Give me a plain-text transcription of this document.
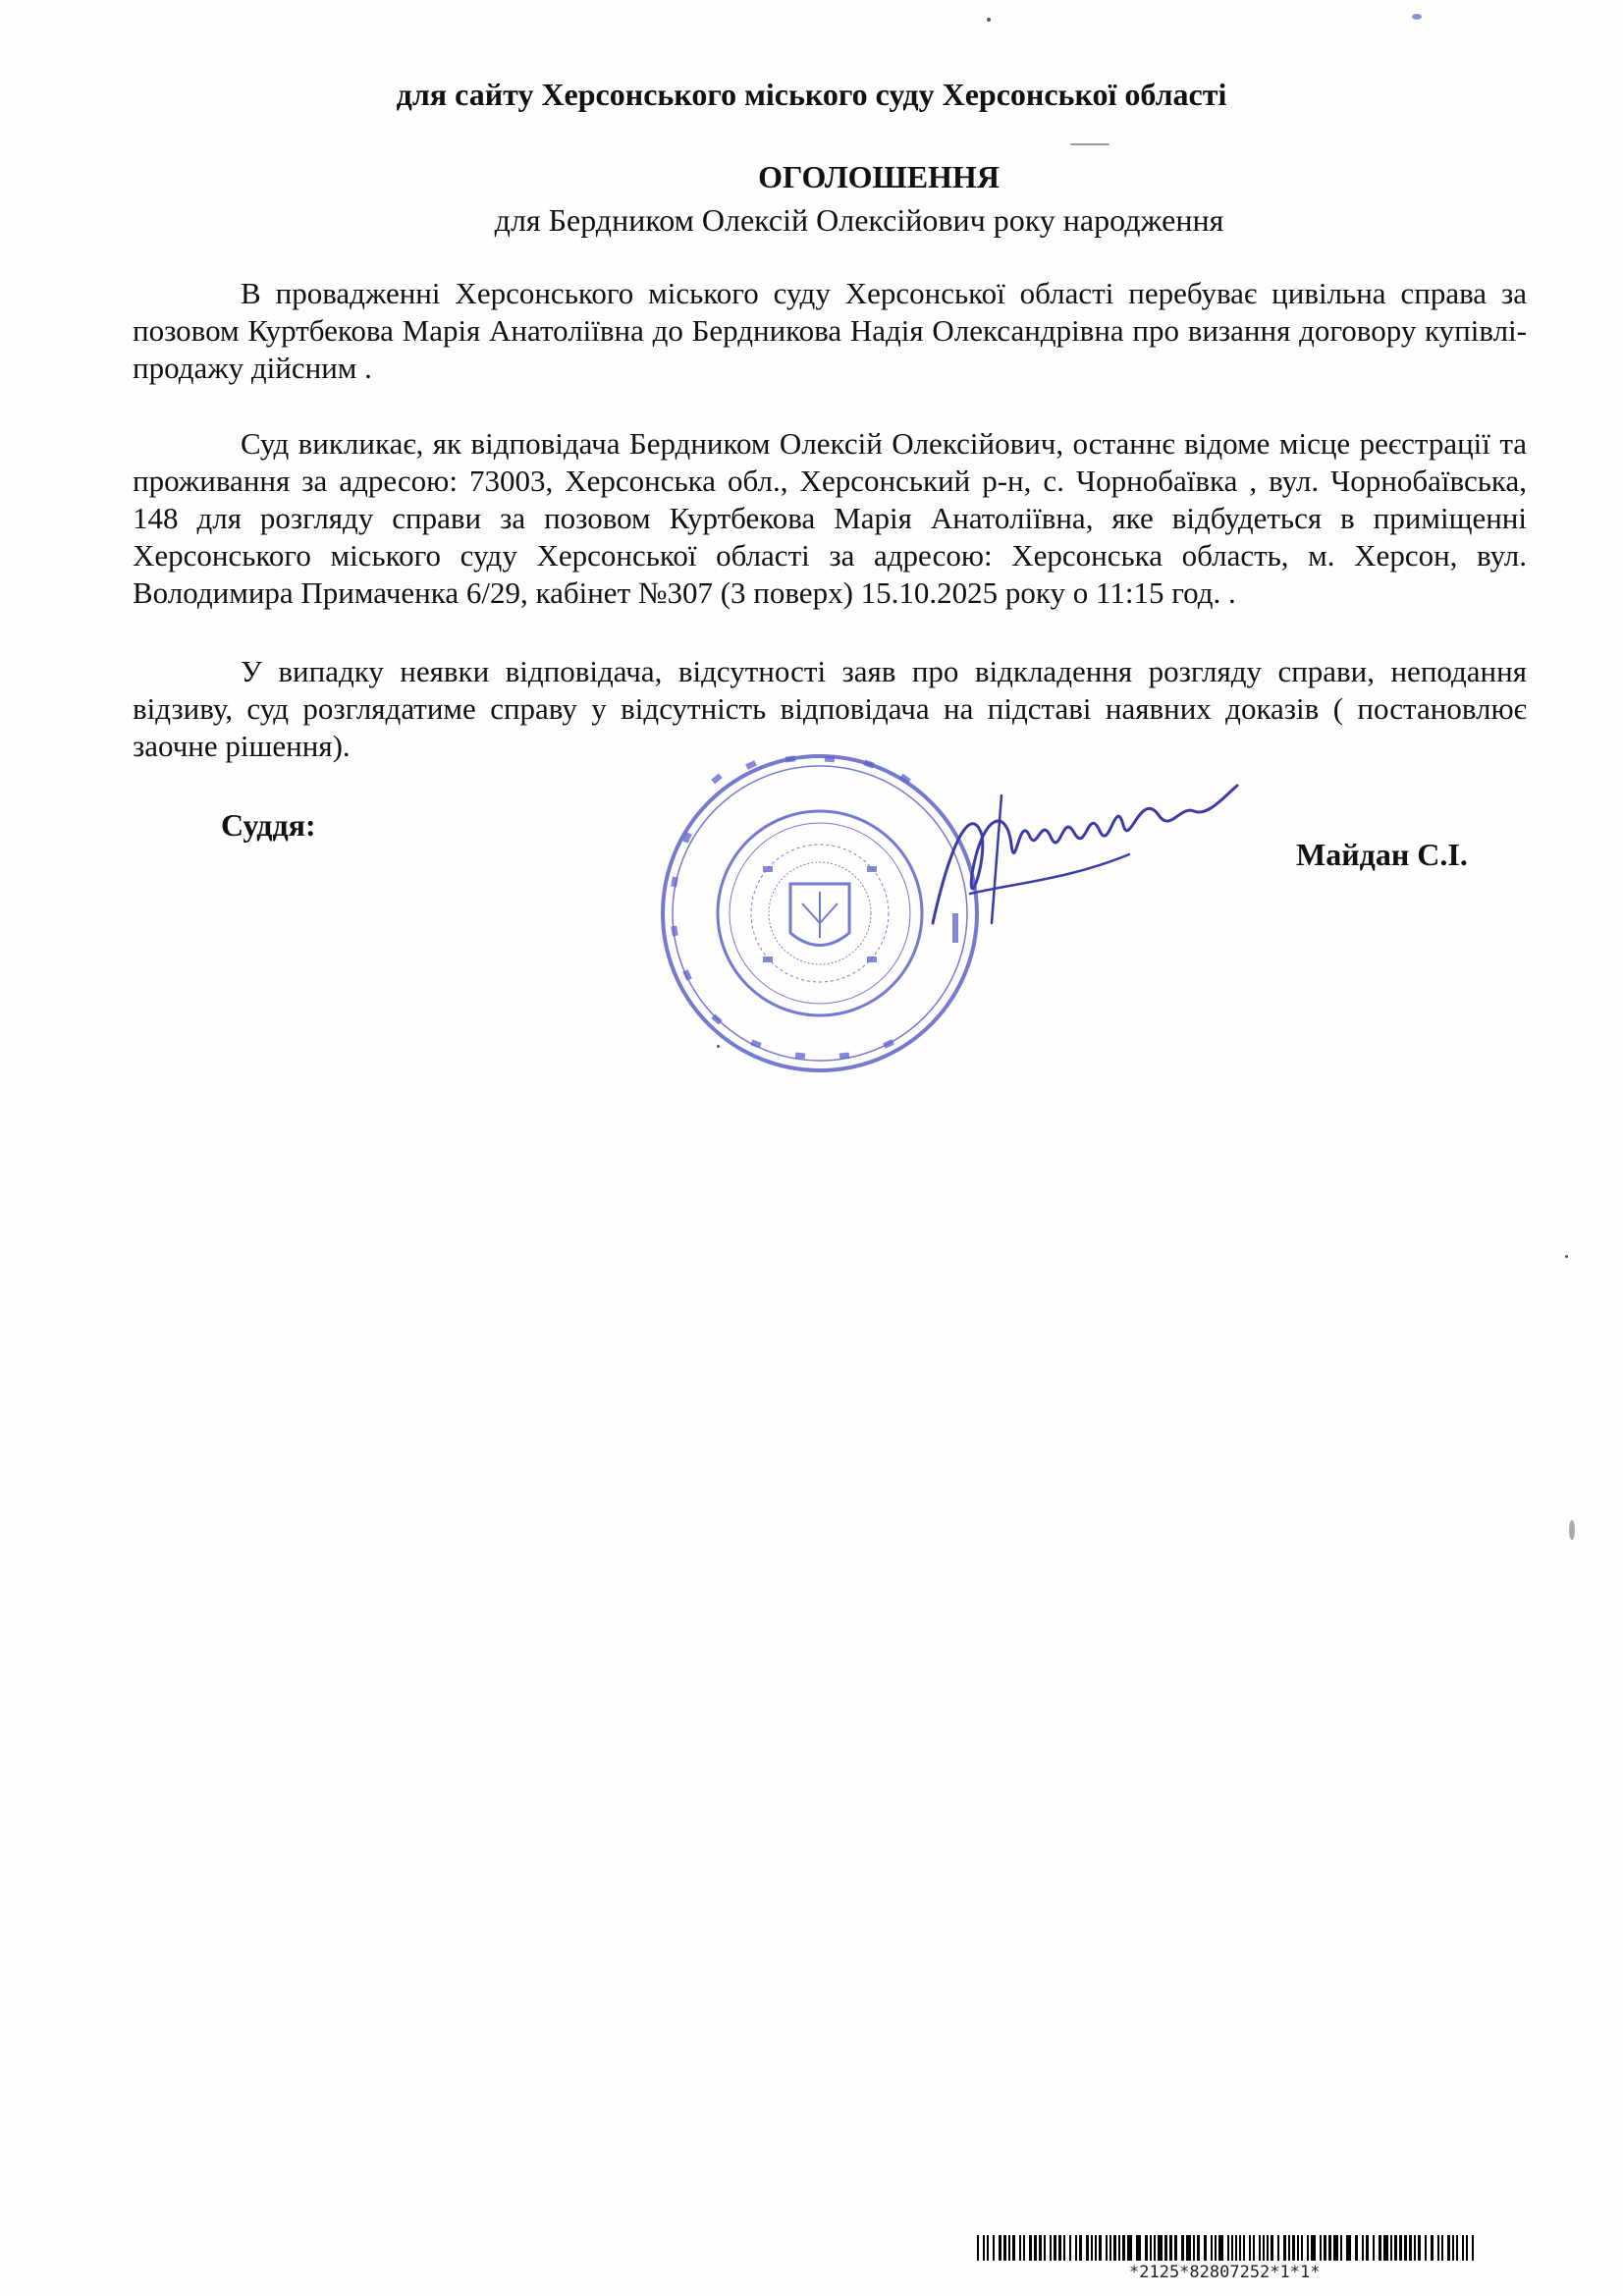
для сайту Херсонського міського суду Херсонської області
ОГОЛОШЕННЯ
для Бердником Олексій Олексійович року народження

В провадженні Херсонського міського суду Херсонської області перебуває цивільна справа за позовом Куртбекова Марія Анатоліївна до Бердникова Надія Олександрівна про визання договору купівлі-продажу дійсним .

Суд викликає, як відповідача Бердником Олексій Олексійович, останнє відоме місце реєстрації та проживання за адресою: 73003, Херсонська обл., Херсонський р-н, с. Чорнобаївка , вул. Чорнобаївська, 148 для розгляду справи за позовом Куртбекова Марія Анатоліївна, яке відбудеться в приміщенні Херсонського міського суду Херсонської області за адресою: Херсонська область, м. Херсон, вул. Володимира Примаченка 6/29, кабінет №307 (3 поверх) 15.10.2025 року о 11:15 год. .

У випадку неявки відповідача, відсутності заяв про відкладення розгляду справи, неподання відзиву, суд розглядатиме справу у відсутність відповідача на підставі наявних доказів ( постановлює заочне рішення).

Суддя:
Майдан С.І.
*2125*82807252*1*1*
